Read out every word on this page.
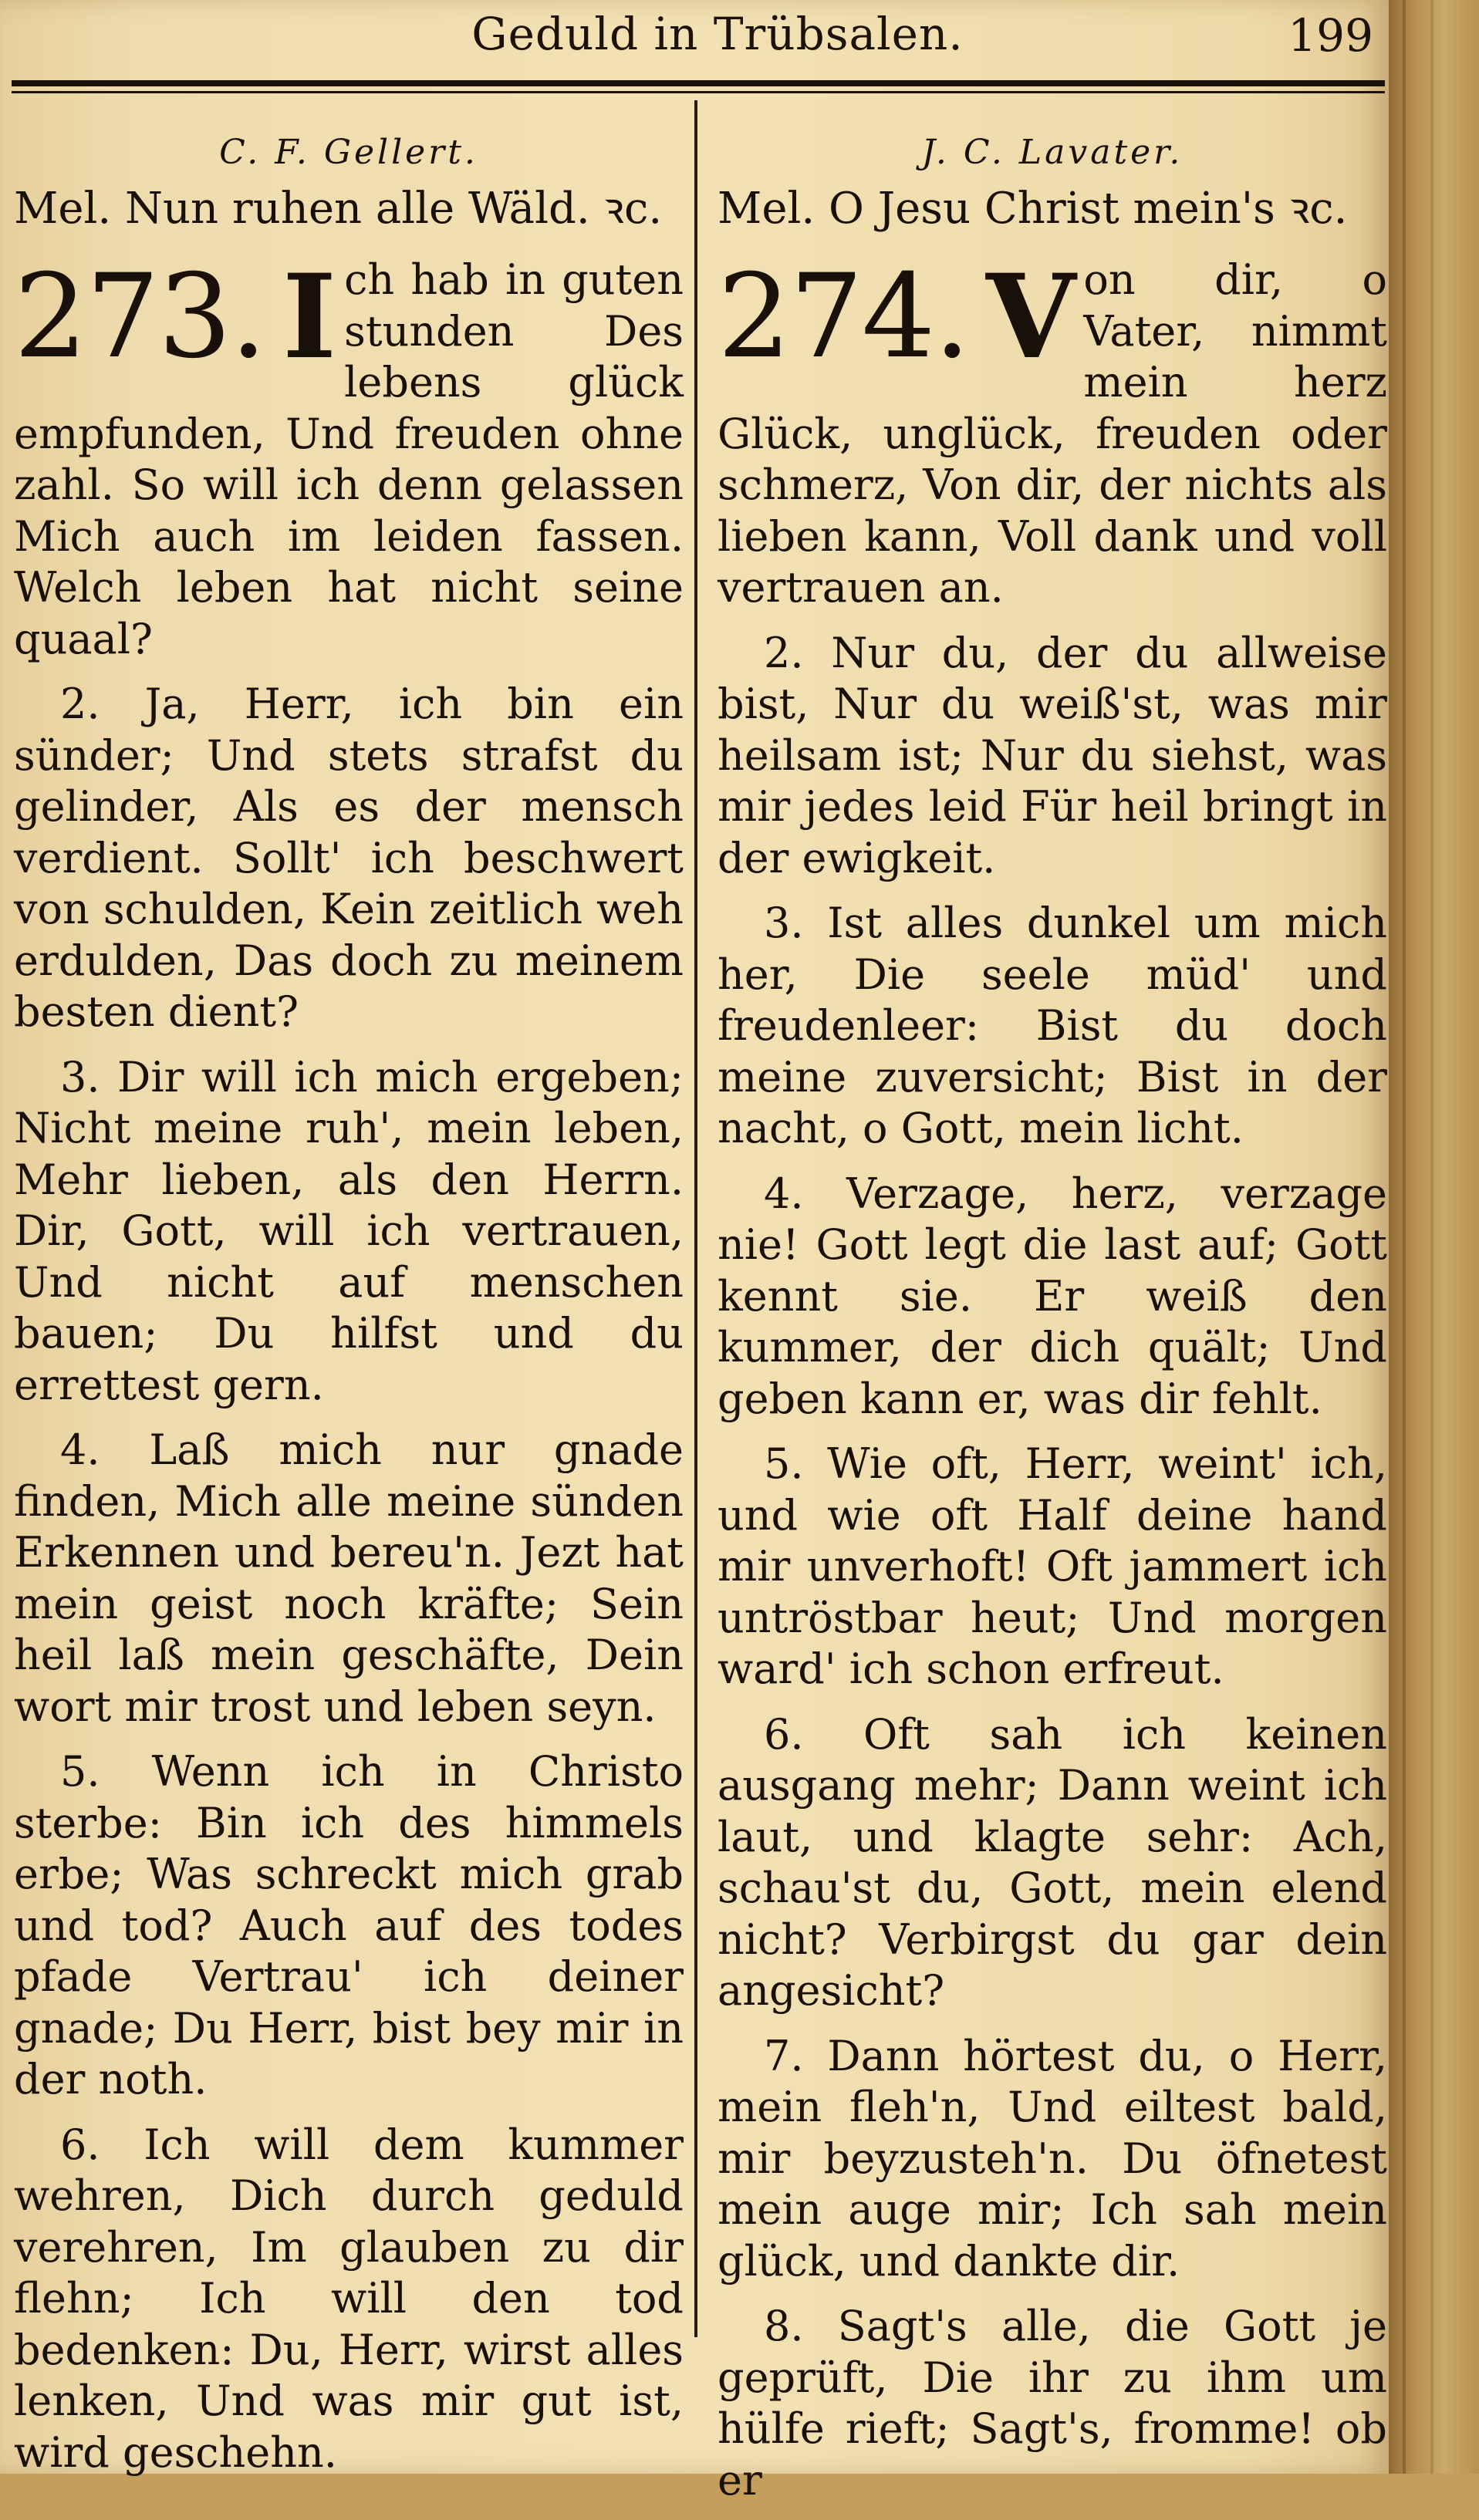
Geduld in Trübsalen.	199
C. F. Gellert.
Mel. Nun ruhen alle Wäld. ꝛc.
273. I ch hab in guten stunden Des lebens glück empfunden, Und freuden ohne zahl. So will ich denn gelassen Mich auch im leiden fassen. Welch leben hat nicht seine quaal?
2. Ja, Herr, ich bin ein sünder; Und stets strafst du gelinder, Als es der mensch verdient. Sollt' ich beschwert von schulden, Kein zeitlich weh erdulden, Das doch zu meinem besten dient?
3. Dir will ich mich ergeben; Nicht meine ruh', mein leben, Mehr lieben, als den Herrn. Dir, Gott, will ich vertrauen, Und nicht auf menschen bauen; Du hilfst und du errettest gern.
4. Laß mich nur gnade finden, Mich alle meine sünden Erkennen und bereu'n. Jezt hat mein geist noch kräfte; Sein heil laß mein geschäfte, Dein wort mir trost und leben seyn.
5. Wenn ich in Christo sterbe: Bin ich des himmels erbe; Was schreckt mich grab und tod? Auch auf des todes pfade Vertrau' ich deiner gnade; Du Herr, bist bey mir in der noth.
6. Ich will dem kummer wehren, Dich durch geduld verehren, Im glauben zu dir flehn; Ich will den tod bedenken: Du, Herr, wirst alles lenken, Und was mir gut ist, wird geschehn.
J. C. Lavater.
Mel. O Jesu Christ mein's ꝛc.
274. V on dir, o Vater, nimmt mein herz Glück, unglück, freuden oder schmerz, Von dir, der nichts als lieben kann, Voll dank und voll vertrauen an.
2. Nur du, der du allweise bist, Nur du weiß'st, was mir heilsam ist; Nur du siehst, was mir jedes leid Für heil bringt in der ewigkeit.
3. Ist alles dunkel um mich her, Die seele müd' und freudenleer: Bist du doch meine zuversicht; Bist in der nacht, o Gott, mein licht.
4. Verzage, herz, verzage nie! Gott legt die last auf; Gott kennt sie. Er weiß den kummer, der dich quält; Und geben kann er, was dir fehlt.
5. Wie oft, Herr, weint' ich, und wie oft Half deine hand mir unverhoft! Oft jammert ich untröstbar heut; Und morgen ward' ich schon erfreut.
6. Oft sah ich keinen ausgang mehr; Dann weint ich laut, und klagte sehr: Ach, schau'st du, Gott, mein elend nicht? Verbirgst du gar dein angesicht?
7. Dann hörtest du, o Herr, mein fleh'n, Und eiltest bald, mir beyzusteh'n. Du öfnetest mein auge mir; Ich sah mein glück, und dankte dir.
8. Sagt's alle, die Gott je geprüft, Die ihr zu ihm um hülfe rieft; Sagt's, fromme! ob er
